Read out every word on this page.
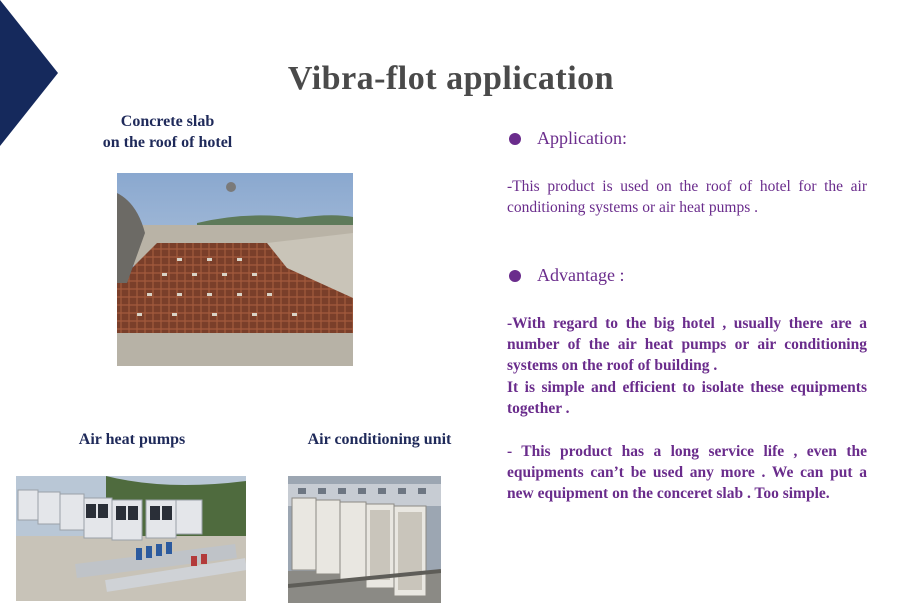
Vibra-flot application
Concrete slab
on the roof of hotel
Air heat pumps	Air conditioning unit
Application:
-This product is used on the roof of hotel for the air conditioning systems or air heat pumps .
Advantage :
-With regard to the big hotel , usually there are a number of the air heat pumps or air conditioning systems on the roof of building .
It is simple and efficient to isolate these equipments together .
- This product has a long service life , even the equipments can’t be used any more . We can put a new equipment on the conceret slab . Too simple.
